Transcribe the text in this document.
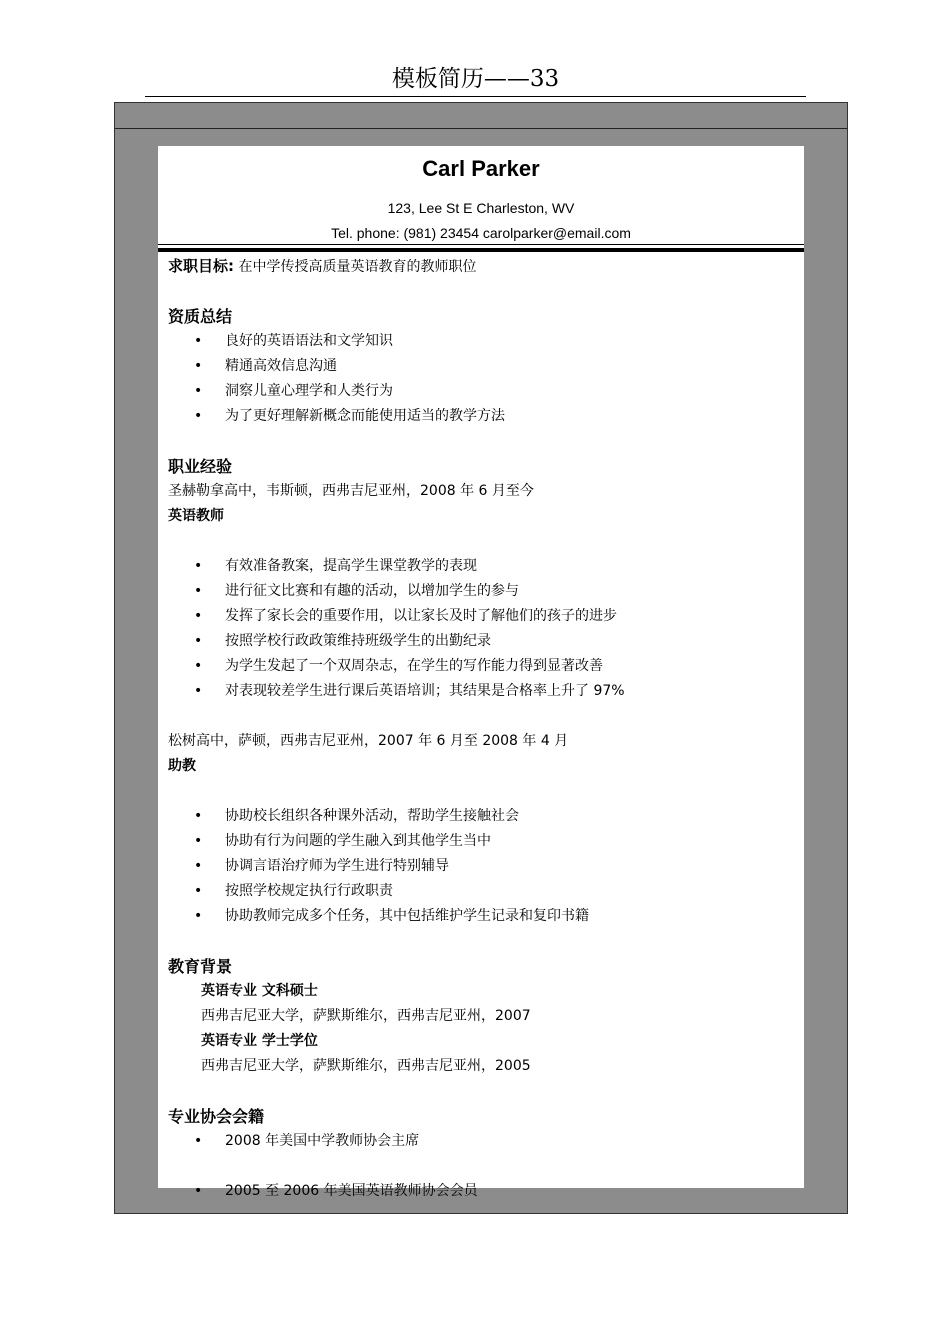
模板简历——33
Carl Parker
123, Lee St E Charleston, WV
Tel. phone: (981) 23454 carolparker@email.com
求职目标: 在中学传授高质量英语教育的教师职位
资质总结
• 良好的英语语法和文学知识
• 精通高效信息沟通
• 洞察儿童心理学和人类行为
• 为了更好理解新概念而能使用适当的教学方法
职业经验
圣赫勒拿高中，韦斯顿，西弗吉尼亚州，2008 年 6 月至今
英语教师
• 有效准备教案，提高学生课堂教学的表现
• 进行征文比赛和有趣的活动，以增加学生的参与
• 发挥了家长会的重要作用，以让家长及时了解他们的孩子的进步
• 按照学校行政政策维持班级学生的出勤纪录
• 为学生发起了一个双周杂志，在学生的写作能力得到显著改善
• 对表现较差学生进行课后英语培训；其结果是合格率上升了 97%
松树高中，萨顿，西弗吉尼亚州，2007 年 6 月至 2008 年 4 月
助教
• 协助校长组织各种课外活动，帮助学生接触社会
• 协助有行为问题的学生融入到其他学生当中
• 协调言语治疗师为学生进行特别辅导
• 按照学校规定执行行政职责
• 协助教师完成多个任务，其中包括维护学生记录和复印书籍
教育背景
英语专业 文科硕士
西弗吉尼亚大学，萨默斯维尔，西弗吉尼亚州，2007
英语专业 学士学位
西弗吉尼亚大学，萨默斯维尔，西弗吉尼亚州，2005
专业协会会籍
• 2008 年美国中学教师协会主席
• 2005 至 2006 年美国英语教师协会会员
